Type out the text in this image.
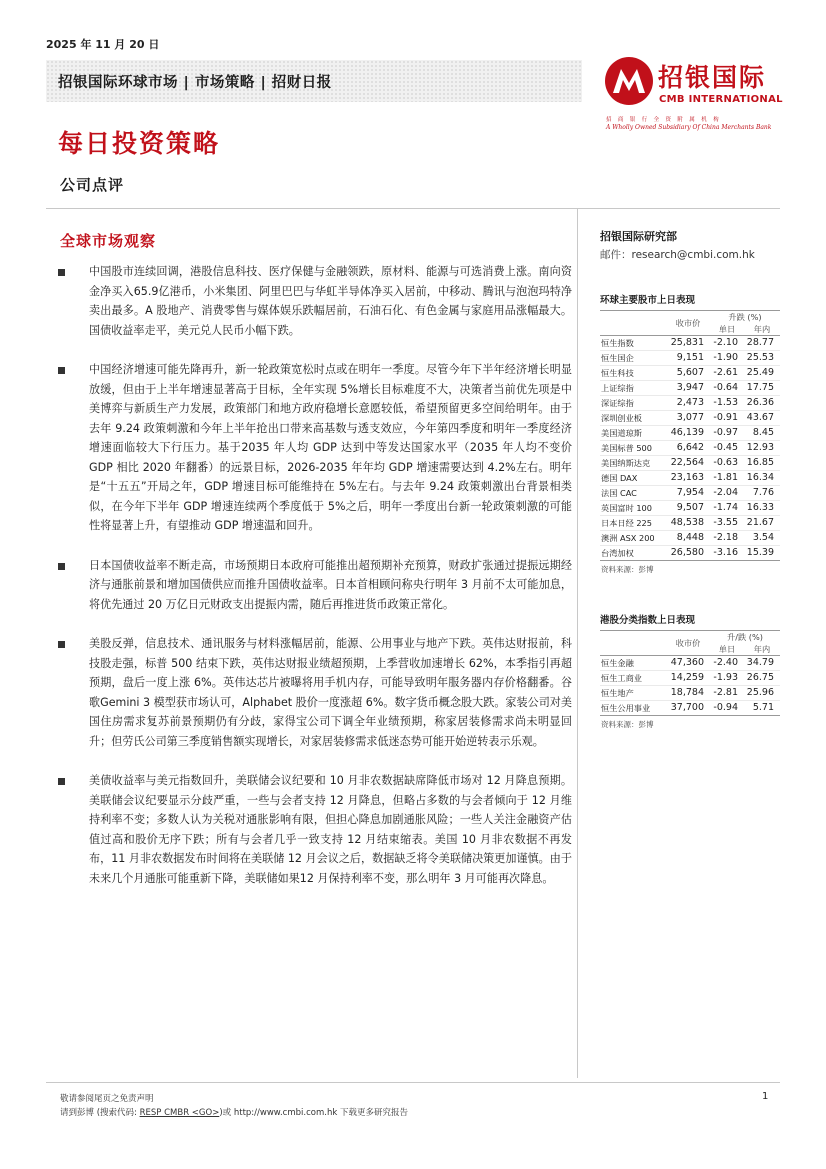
2025 年 11 月 20 日
招银国际环球市场 | 市场策略 | 招财日报	招银国际
CMB INTERNATIONAL
招商银行全资附属机构
A Wholly Owned Subsidiary Of China Merchants Bank
每日投资策略
公司点评
全球市场观察
中国股市连续回调，港股信息科技、医疗保健与金融领跌，原材料、能源与可选消费上涨。南向资金净买入65.9亿港币，小米集团、阿里巴巴与华虹半导体净买入居前，中移动、腾讯与泡泡玛特净卖出最多。A 股地产、消费零售与媒体娱乐跌幅居前，石油石化、有色金属与家庭用品涨幅最大。国债收益率走平，美元兑人民币小幅下跌。
中国经济增速可能先降再升，新一轮政策宽松时点或在明年一季度。尽管今年下半年经济增长明显放缓，但由于上半年增速显著高于目标，全年实现 5%增长目标难度不大，决策者当前优先项是中美博弈与新质生产力发展，政策部门和地方政府稳增长意愿较低，希望预留更多空间给明年。由于去年 9.24 政策刺激和今年上半年抢出口带来高基数与透支效应，今年第四季度和明年一季度经济增速面临较大下行压力。基于2035 年人均 GDP 达到中等发达国家水平（2035 年人均不变价 GDP 相比 2020 年翻番）的远景目标，2026-2035 年年均 GDP 增速需要达到 4.2%左右。明年是“十五五”开局之年，GDP 增速目标可能维持在 5%左右。与去年 9.24 政策刺激出台背景相类似，在今年下半年 GDP 增速连续两个季度低于 5%之后，明年一季度出台新一轮政策刺激的可能性将显著上升，有望推动 GDP 增速温和回升。
日本国债收益率不断走高，市场预期日本政府可能推出超预期补充预算，财政扩张通过提振远期经济与通胀前景和增加国债供应而推升国债收益率。日本首相顾问称央行明年 3 月前不太可能加息，将优先通过 20 万亿日元财政支出提振内需，随后再推进货币政策正常化。
美股反弹，信息技术、通讯服务与材料涨幅居前，能源、公用事业与地产下跌。英伟达财报前，科技股走强，标普 500 结束下跌，英伟达财报业绩超预期，上季营收加速增长 62%，本季指引再超预期，盘后一度上涨 6%。英伟达芯片被曝将用手机内存，可能导致明年服务器内存价格翻番。谷歌Gemini 3 模型获市场认可，Alphabet 股价一度涨超 6%。数字货币概念股大跌。家装公司对美国住房需求复苏前景预期仍有分歧，家得宝公司下调全年业绩预期，称家居装修需求尚未明显回升；但劳氏公司第三季度销售额实现增长，对家居装修需求低迷态势可能开始逆转表示乐观。
美债收益率与美元指数回升，美联储会议纪要和 10 月非农数据缺席降低市场对 12 月降息预期。美联储会议纪要显示分歧严重，一些与会者支持 12 月降息，但略占多数的与会者倾向于 12 月维持利率不变；多数人认为关税对通胀影响有限，但担心降息加剧通胀风险；一些人关注金融资产估值过高和股价无序下跌；所有与会者几乎一致支持 12 月结束缩表。美国 10 月非农数据不再发布，11 月非农数据发布时间将在美联储 12 月会议之后，数据缺乏将令美联储决策更加谨慎。由于未来几个月通胀可能重新下降，美联储如果12 月保持利率不变，那么明年 3 月可能再次降息。
招银国际研究部
邮件：research@cmbi.com.hk
环球主要股市上日表现
		升跌 (%)	
	收市价	单日	年内
恒生指数	25,831	-2.10	28.77
恒生国企	9,151	-1.90	25.53
恒生科技	5,607	-2.61	25.49
上证综指	3,947	-0.64	17.75
深证综指	2,473	-1.53	26.36
深圳创业板	3,077	-0.91	43.67
美国道琼斯	46,139	-0.97	8.45
美国标普 500	6,642	-0.45	12.93
美国纳斯达克	22,564	-0.63	16.85
德国 DAX	23,163	-1.81	16.34
法国 CAC	7,954	-2.04	7.76
英国富时 100	9,507	-1.74	16.33
日本日经 225	48,538	-3.55	21.67
澳洲 ASX 200	8,448	-2.18	3.54
台湾加权	26,580	-3.16	15.39
资料来源：彭博
港股分类指数上日表现
		升/跌 (%)	
	收市价	单日	年内
恒生金融	47,360	-2.40	34.79
恒生工商业	14,259	-1.93	26.75
恒生地产	18,784	-2.81	25.96
恒生公用事业	37,700	-0.94	5.71
资料来源：彭博
敬请参阅尾页之免责声明
请到彭博 (搜索代码: RESP CMBR <GO>)或 http://www.cmbi.com.hk 下载更多研究报告
1
